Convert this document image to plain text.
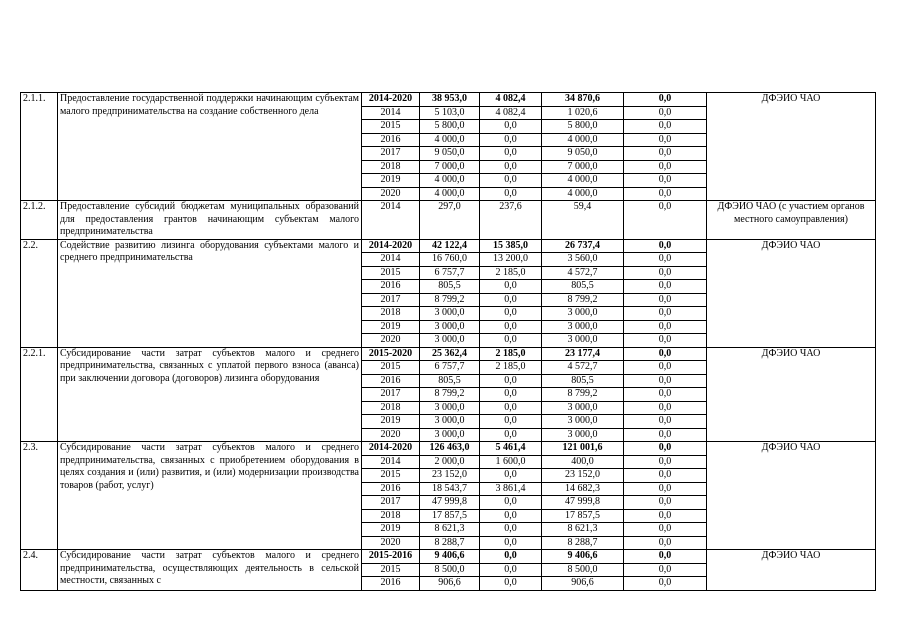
2.1.1.	Предоставление государственной поддержки начинающим субъектам малого предпринимательства на создание собственного дела	2014-2020	38 953,0	4 082,4	34 870,6	0,0	ДФЭИО ЧАО
		2014	5 103,0	4 082,4	1 020,6	0,0	
		2015	5 800,0	0,0	5 800,0	0,0	
		2016	4 000,0	0,0	4 000,0	0,0	
		2017	9 050,0	0,0	9 050,0	0,0	
		2018	7 000,0	0,0	7 000,0	0,0	
		2019	4 000,0	0,0	4 000,0	0,0	
		2020	4 000,0	0,0	4 000,0	0,0	
2.1.2.	Предоставление субсидий бюджетам муниципальных образований для предоставления грантов начинающим субъектам малого предпринимательства	2014	297,0	237,6	59,4	0,0	ДФЭИО ЧАО (с участием органов местного самоуправления)
2.2.	Содействие развитию лизинга оборудования субъектами малого и среднего предпринимательства	2014-2020	42 122,4	15 385,0	26 737,4	0,0	ДФЭИО ЧАО
		2014	16 760,0	13 200,0	3 560,0	0,0	
		2015	6 757,7	2 185,0	4 572,7	0,0	
		2016	805,5	0,0	805,5	0,0	
		2017	8 799,2	0,0	8 799,2	0,0	
		2018	3 000,0	0,0	3 000,0	0,0	
		2019	3 000,0	0,0	3 000,0	0,0	
		2020	3 000,0	0,0	3 000,0	0,0	
2.2.1.	Субсидирование части затрат субъектов малого и среднего предпринимательства, связанных с уплатой первого взноса (аванса) при заключении договора (договоров) лизинга оборудования	2015-2020	25 362,4	2 185,0	23 177,4	0,0	ДФЭИО ЧАО
		2015	6 757,7	2 185,0	4 572,7	0,0	
		2016	805,5	0,0	805,5	0,0	
		2017	8 799,2	0,0	8 799,2	0,0	
		2018	3 000,0	0,0	3 000,0	0,0	
		2019	3 000,0	0,0	3 000,0	0,0	
		2020	3 000,0	0,0	3 000,0	0,0	
2.3.	Субсидирование части затрат субъектов малого и среднего предпринимательства, связанных с приобретением оборудования в целях создания и (или) развития, и (или) модернизации производства товаров (работ, услуг)	2014-2020	126 463,0	5 461,4	121 001,6	0,0	ДФЭИО ЧАО
		2014	2 000,0	1 600,0	400,0	0,0	
		2015	23 152,0	0,0	23 152,0	0,0	
		2016	18 543,7	3 861,4	14 682,3	0,0	
		2017	47 999,8	0,0	47 999,8	0,0	
		2018	17 857,5	0,0	17 857,5	0,0	
		2019	8 621,3	0,0	8 621,3	0,0	
		2020	8 288,7	0,0	8 288,7	0,0	
2.4.	Субсидирование части затрат субъектов малого и среднего предпринимательства, осуществляющих деятельность в сельской местности, связанных с	2015-2016	9 406,6	0,0	9 406,6	0,0	ДФЭИО ЧАО
		2015	8 500,0	0,0	8 500,0	0,0	
		2016	906,6	0,0	906,6	0,0	
